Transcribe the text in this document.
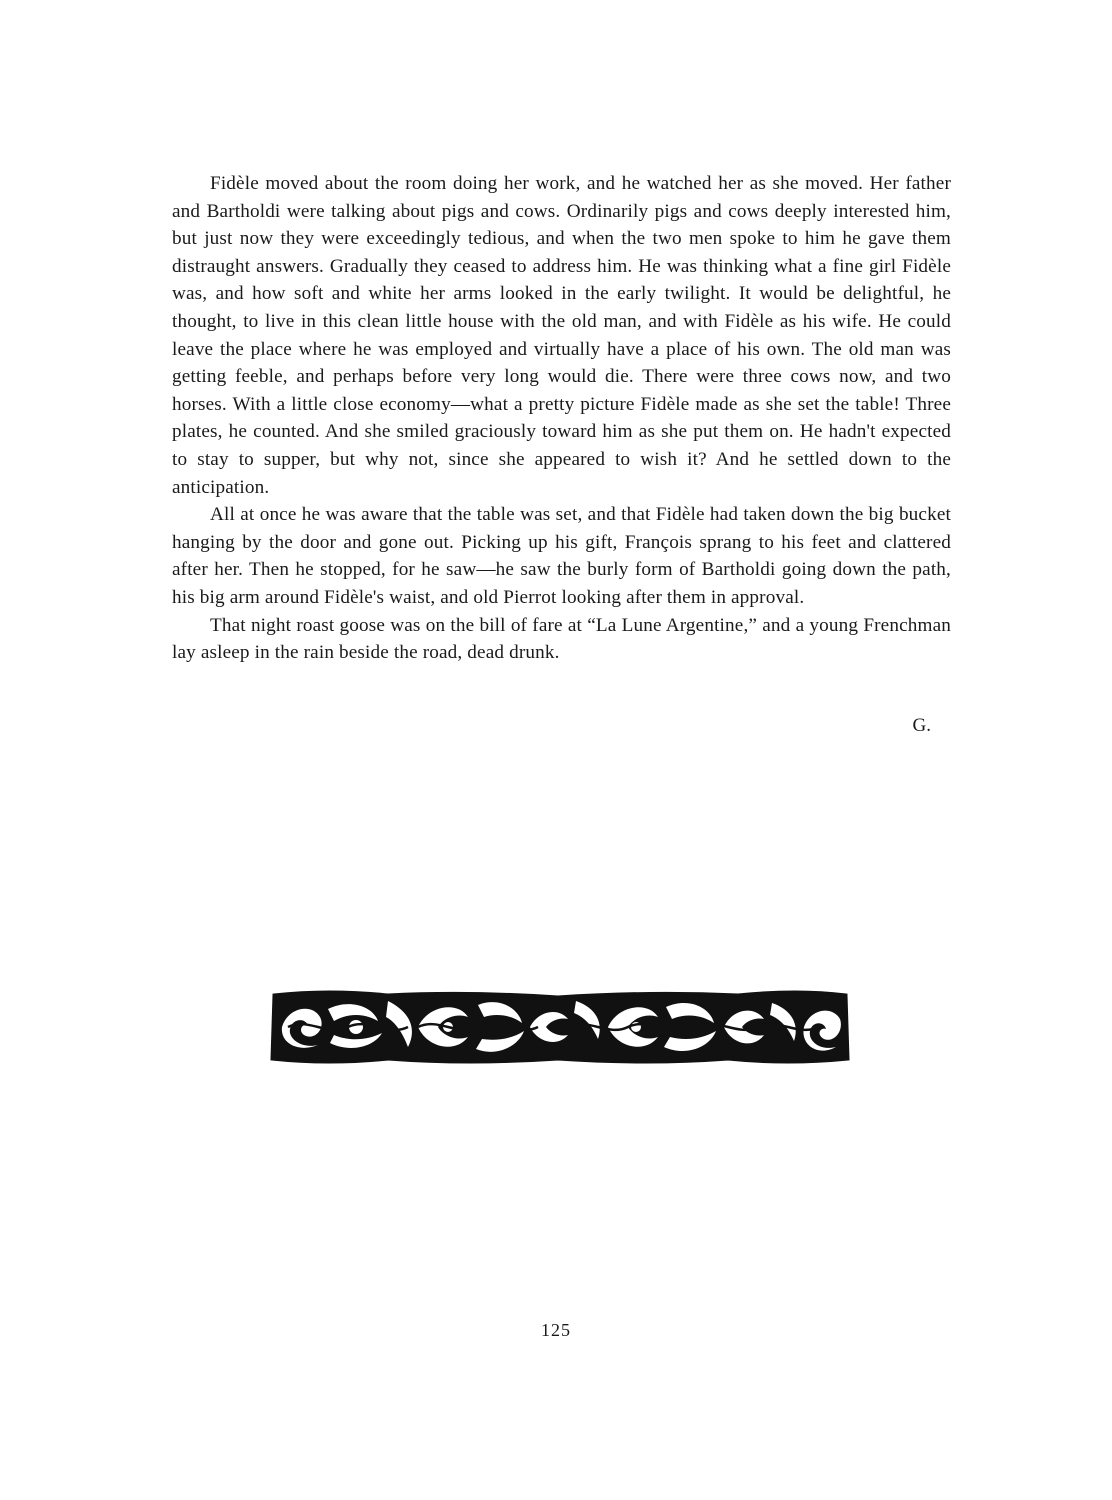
Fidèle moved about the room doing her work, and he watched her as she moved. Her father and Bartholdi were talking about pigs and cows. Ordinarily pigs and cows deeply interested him, but just now they were exceedingly tedious, and when the two men spoke to him he gave them distraught answers. Gradually they ceased to address him. He was thinking what a fine girl Fidèle was, and how soft and white her arms looked in the early twilight. It would be delightful, he thought, to live in this clean little house with the old man, and with Fidèle as his wife. He could leave the place where he was employed and virtually have a place of his own. The old man was getting feeble, and perhaps before very long would die. There were three cows now, and two horses. With a little close economy—what a pretty picture Fidèle made as she set the table! Three plates, he counted. And she smiled graciously toward him as she put them on. He hadn't expected to stay to supper, but why not, since she appeared to wish it? And he settled down to the anticipation.

All at once he was aware that the table was set, and that Fidèle had taken down the big bucket hanging by the door and gone out. Picking up his gift, François sprang to his feet and clattered after her. Then he stopped, for he saw—he saw the burly form of Bartholdi going down the path, his big arm around Fidèle's waist, and old Pierrot looking after them in approval.

That night roast goose was on the bill of fare at “La Lune Argentine,” and a young Frenchman lay asleep in the rain beside the road, dead drunk.

G.
125
